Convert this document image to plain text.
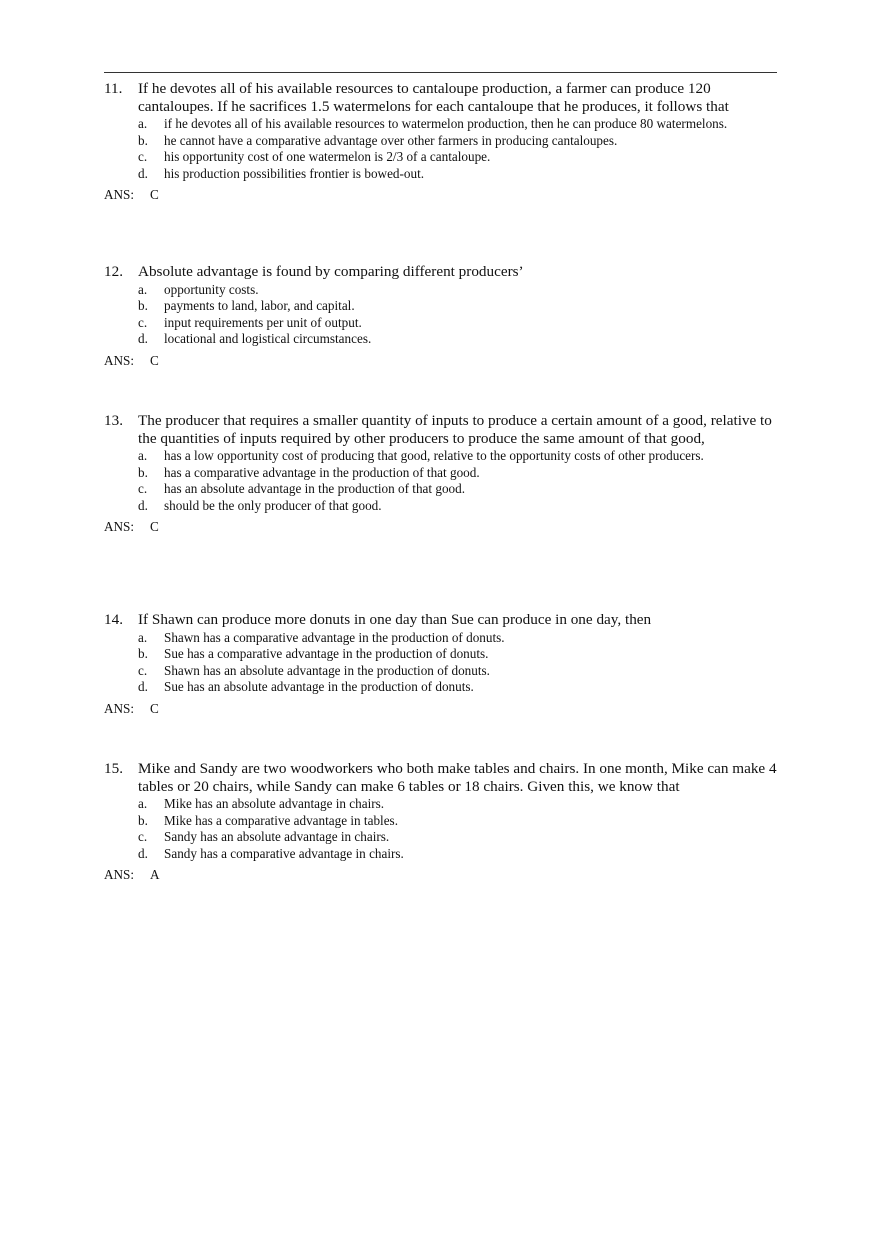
11.	If he devotes all of his available resources to cantaloupe production, a farmer can produce 120 cantaloupes. If he sacrifices 1.5 watermelons for each cantaloupe that he produces, it follows that
a.	if he devotes all of his available resources to watermelon production, then he can produce 80 watermelons.
b.	he cannot have a comparative advantage over other farmers in producing cantaloupes.
c.	his opportunity cost of one watermelon is 2/3 of a cantaloupe.
d.	his production possibilities frontier is bowed-out.
ANS:	C
12. Absolute advantage is found by comparing different producers’
a.	opportunity costs.
b.	payments to land, labor, and capital.
c.	input requirements per unit of output.
d.	locational and logistical circumstances.
ANS:	C
13. The producer that requires a smaller quantity of inputs to produce a certain amount of a good, relative to the quantities of inputs required by other producers to produce the same amount of that good,
a.	has a low opportunity cost of producing that good, relative to the opportunity costs of other producers.
b.	has a comparative advantage in the production of that good.
c.	has an absolute advantage in the production of that good.
d.	should be the only producer of that good.
ANS:	C
14. If Shawn can produce more donuts in one day than Sue can produce in one day, then
a.	Shawn has a comparative advantage in the production of donuts.
b.	Sue has a comparative advantage in the production of donuts.
c.	Shawn has an absolute advantage in the production of donuts.
d.	Sue has an absolute advantage in the production of donuts.
ANS:	C
15. Mike and Sandy are two woodworkers who both make tables and chairs. In one month, Mike can make 4 tables or 20 chairs, while Sandy can make 6 tables or 18 chairs. Given this, we know that
a.	Mike has an absolute advantage in chairs.
b.	Mike has a comparative advantage in tables.
c.	Sandy has an absolute advantage in chairs.
d.	Sandy has a comparative advantage in chairs.
ANS:	A
